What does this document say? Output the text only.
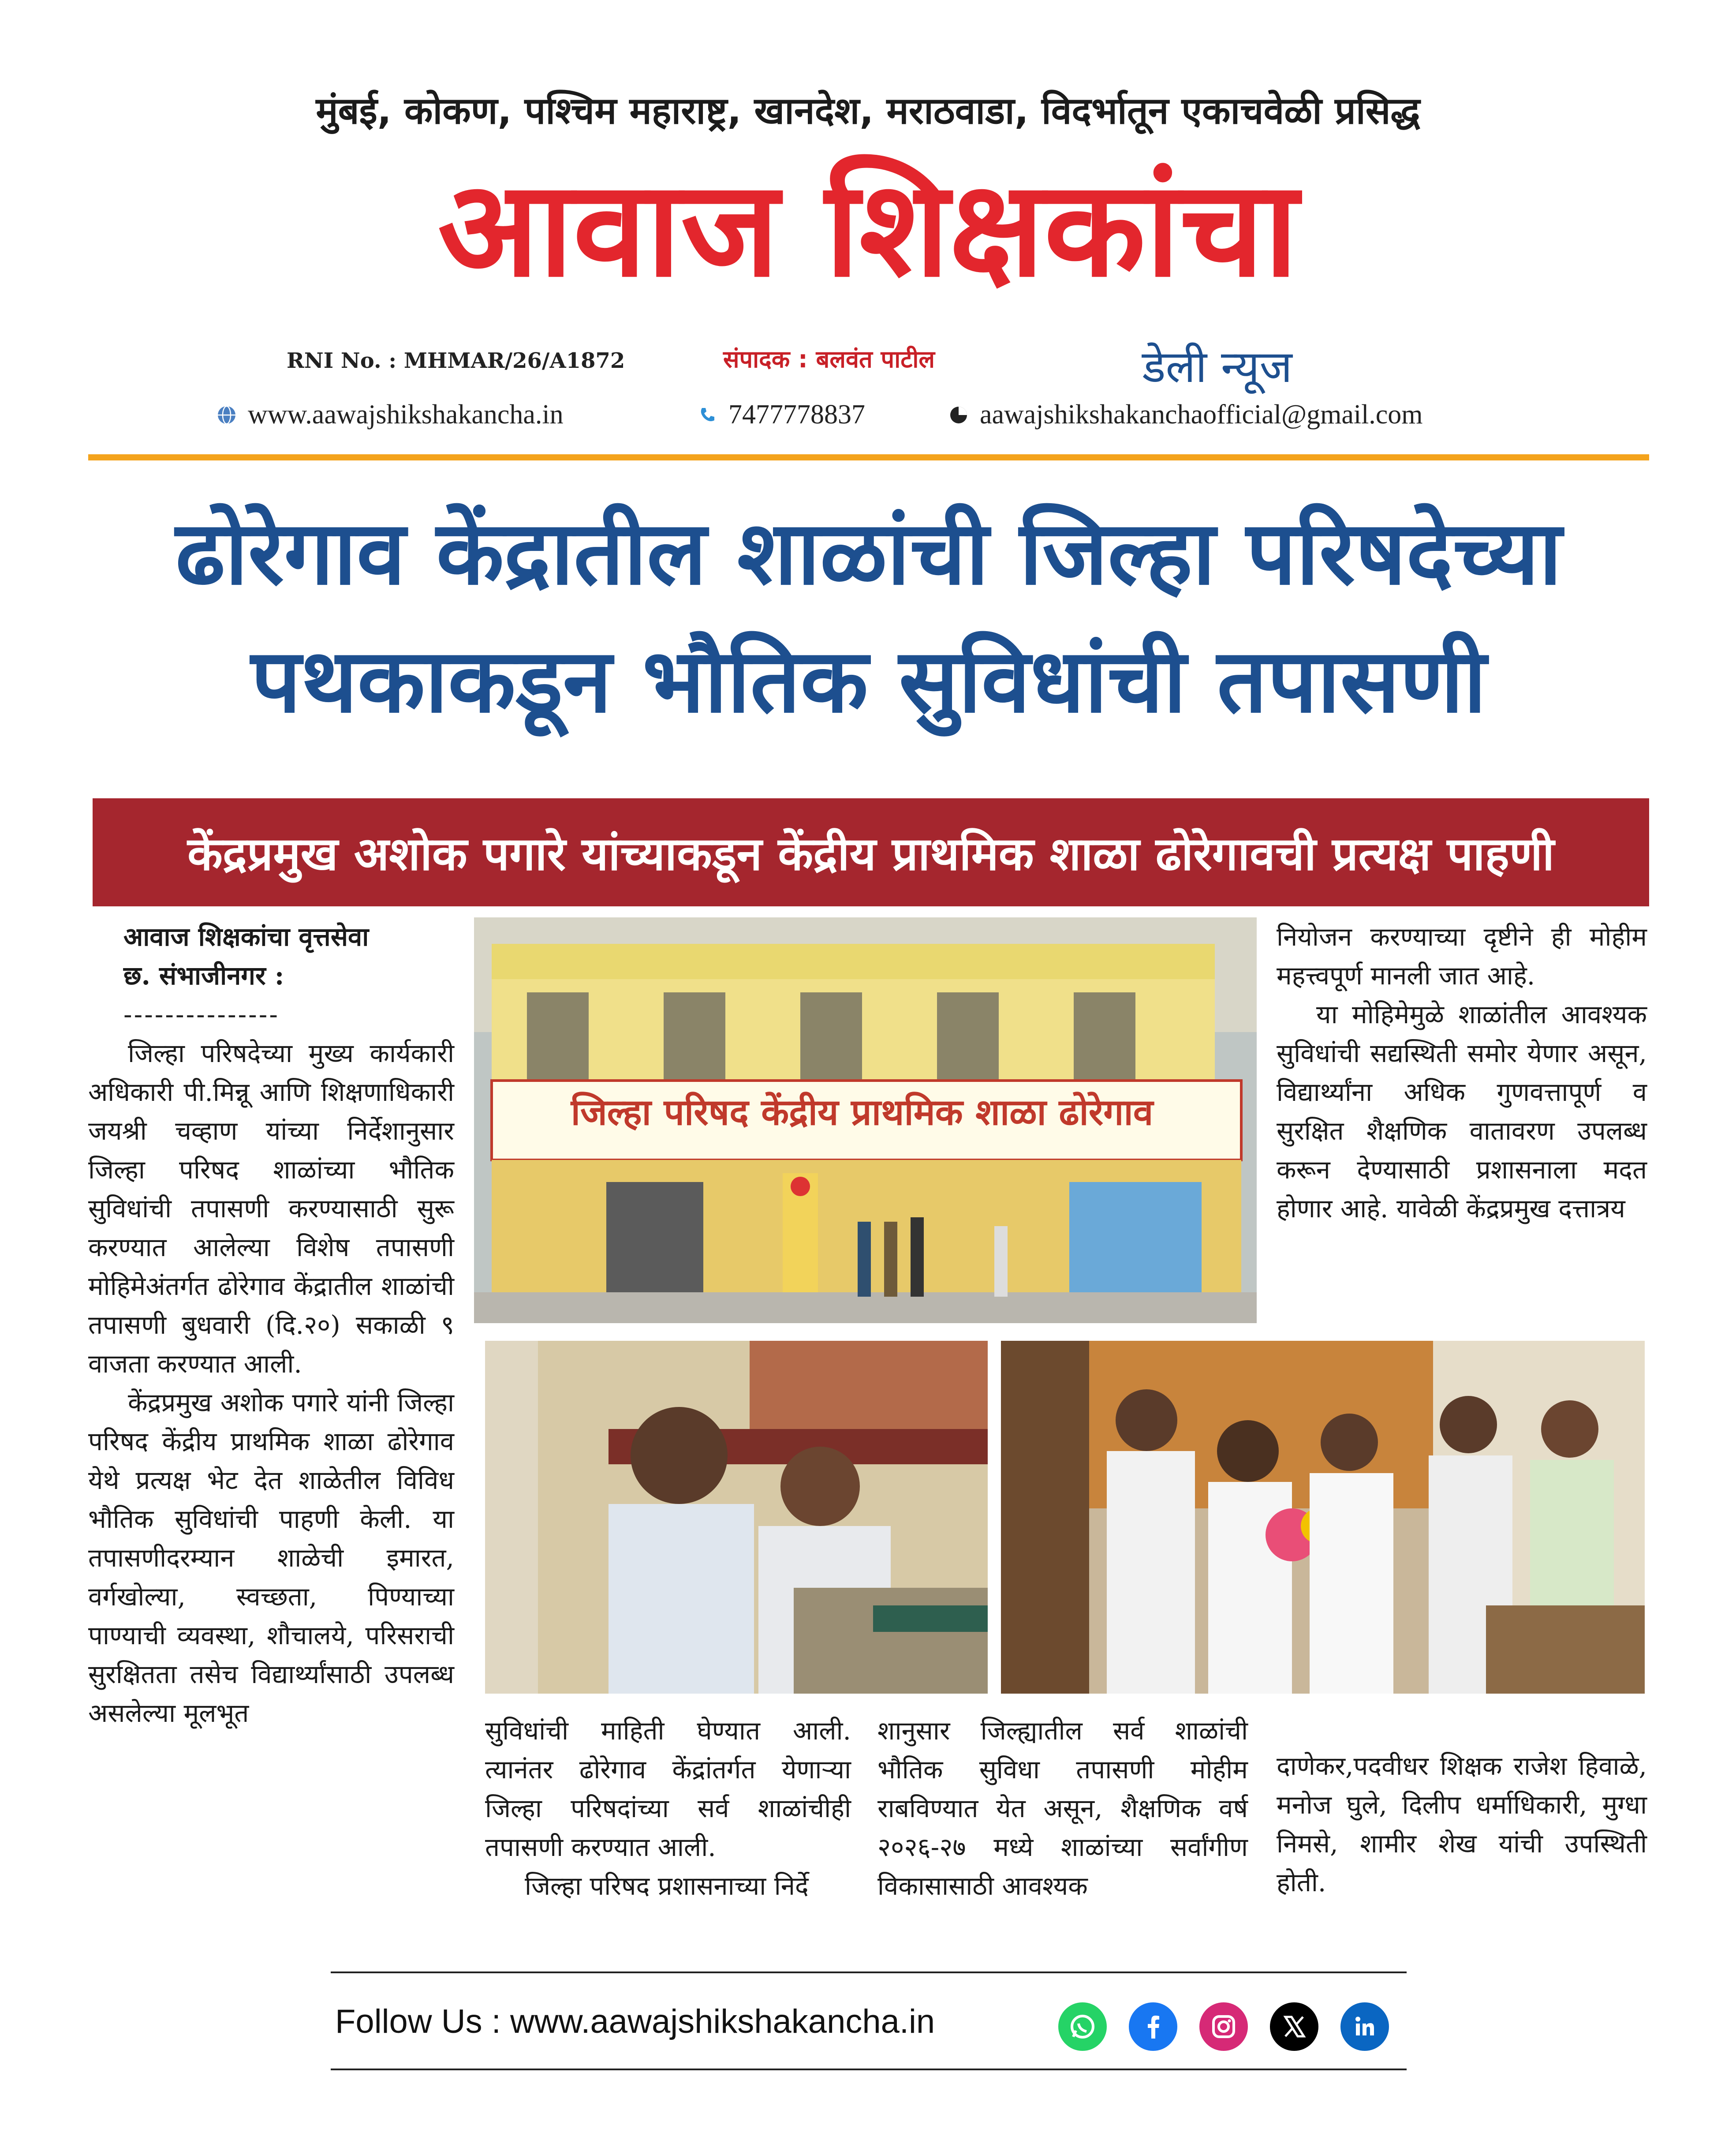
मुंबई, कोकण, पश्चिम महाराष्ट्र, खानदेश, मराठवाडा, विदर्भातून एकाचवेळी प्रसिद्ध
आवाज शिक्षकांचा
RNI No. : MHMAR/26/A1872	संपादक : बलवंत पाटील	डेली न्यूज
www.aawajshikshakancha.in	7477778837	aawajshikshakanchaofficial@gmail.com
ढोरेगाव केंद्रातील शाळांची जिल्हा परिषदेच्या
पथकाकडून भौतिक सुविधांची तपासणी
केंद्रप्रमुख अशोक पगारे यांच्याकडून केंद्रीय प्राथमिक शाळा ढोरेगावची प्रत्यक्ष पाहणी

आवाज शिक्षकांचा वृत्तसेवा

छ. संभाजीनगर :

---------------

जिल्हा परिषदेच्या मुख्य कार्यकारी अधिकारी पी.मिन्नू आणि शिक्षणाधिकारी जयश्री चव्हाण यांच्या निर्देशानुसार जिल्हा परिषद शाळांच्या भौतिक सुविधांची तपासणी करण्यासाठी सुरू करण्यात आलेल्या विशेष तपासणी मोहिमेअंतर्गत ढोरेगाव केंद्रातील शाळांची तपासणी बुधवारी (दि.२०) सकाळी ९ वाजता करण्यात आली.

केंद्रप्रमुख अशोक पगारे यांनी जिल्हा परिषद केंद्रीय प्राथमिक शाळा ढोरेगाव येथे प्रत्यक्ष भेट देत शाळेतील विविध भौतिक सुविधांची पाहणी केली. या तपासणीदरम्यान शाळेची इमारत, वर्गखोल्या, स्वच्छता, पिण्याच्या पाण्याची व्यवस्था, शौचालये, परिसराची सुरक्षितता तसेच विद्यार्थ्यांसाठी उपलब्ध असलेल्या मूलभूत

जिल्हा परिषद केंद्रीय प्राथमिक शाळा ढोरेगाव

नियोजन करण्याच्या दृष्टीने ही मोहीम महत्त्वपूर्ण मानली जात आहे.

या मोहिमेमुळे शाळांतील आवश्यक सुविधांची सद्यस्थिती समोर येणार असून, विद्यार्थ्यांना अधिक गुणवत्तापूर्ण व सुरक्षित शैक्षणिक वातावरण उपलब्ध करून देण्यासाठी प्रशासनाला मदत होणार आहे. यावेळी केंद्रप्रमुख दत्तात्रय

सुविधांची माहिती घेण्यात आली. त्यानंतर ढोरेगाव केंद्रांतर्गत येणाऱ्या जिल्हा परिषदांच्या सर्व शाळांचीही तपासणी करण्यात आली.

जिल्हा परिषद प्रशासनाच्या निर्दे

शानुसार जिल्ह्यातील सर्व शाळांची भौतिक सुविधा तपासणी मोहीम राबविण्यात येत असून, शैक्षणिक वर्ष २०२६-२७ मध्ये शाळांच्या सर्वांगीण विकासासाठी आवश्यक

दाणेकर,पदवीधर शिक्षक राजेश हिवाळे, मनोज घुले, दिलीप धर्माधिकारी, मुग्धा निमसे, शामीर शेख यांची उपस्थिती होती.

Follow Us : www.aawajshikshakancha.in
